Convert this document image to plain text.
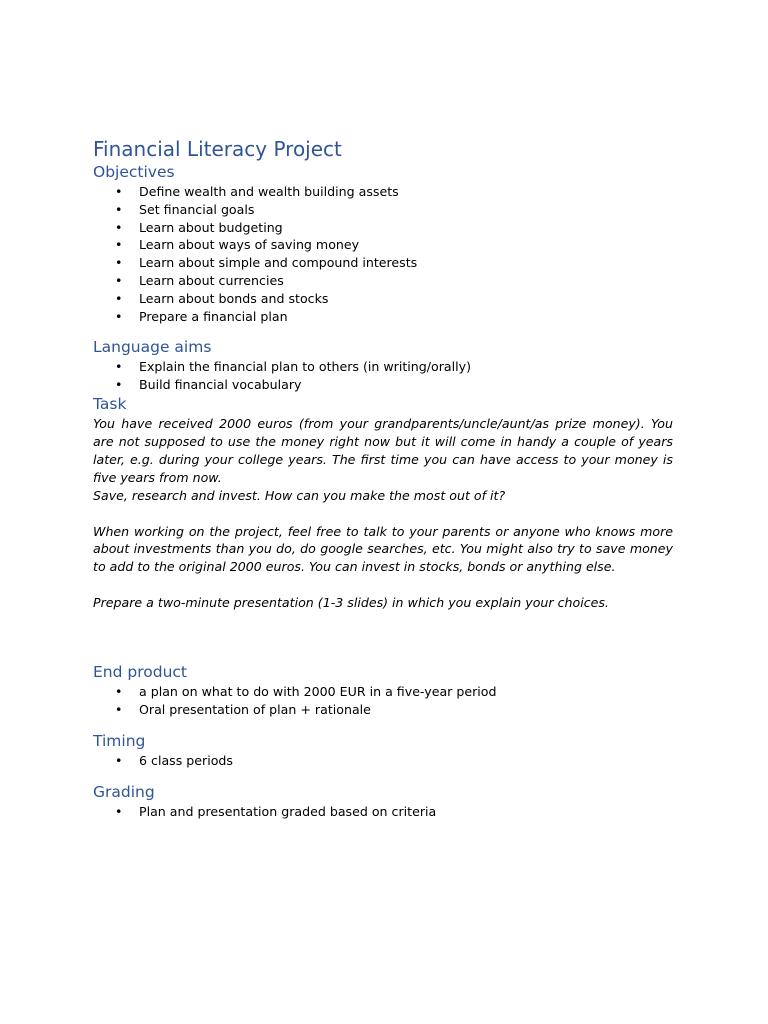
Financial Literacy Project
Objectives
• Define wealth and wealth building assets
• Set financial goals
• Learn about budgeting
• Learn about ways of saving money
• Learn about simple and compound interests
• Learn about currencies
• Learn about bonds and stocks
• Prepare a financial plan
Language aims
• Explain the financial plan to others (in writing/orally)
• Build financial vocabulary
Task

You have received 2000 euros (from your grandparents/uncle/aunt/as prize money). You are not supposed to use the money right now but it will come in handy a couple of years later, e.g. during your college years. The first time you can have access to your money is five years from now.

Save, research and invest. How can you make the most out of it?

When working on the project, feel free to talk to your parents or anyone who knows more about investments than you do, do google searches, etc. You might also try to save money to add to the original 2000 euros. You can invest in stocks, bonds or anything else.

Prepare a two-minute presentation (1-3 slides) in which you explain your choices.

End product
• a plan on what to do with 2000 EUR in a five-year period
• Oral presentation of plan + rationale
Timing
• 6 class periods
Grading
• Plan and presentation graded based on criteria
